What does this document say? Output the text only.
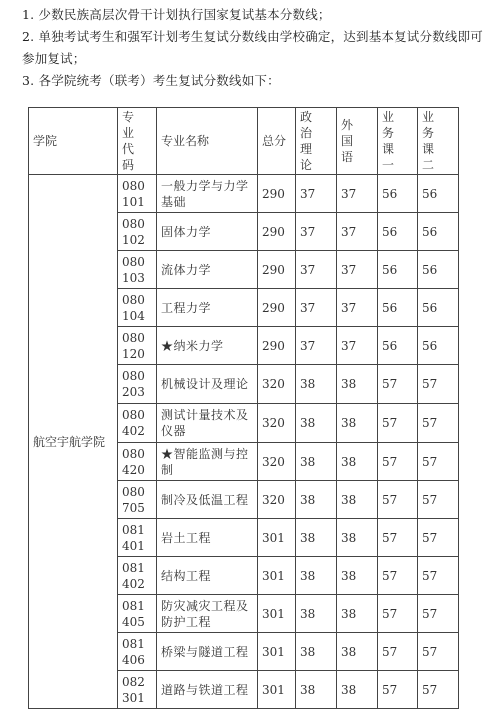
1. 少数民族高层次骨干计划执行国家复试基本分数线；

2. 单独考试考生和强军计划考生复试分数线由学校确定，达到基本复试分数线即可参加复试；

3. 各学院统考（联考）考生复试分数线如下：

学院	专业代码	专业名称	总分	政治理论	外国语	业务课一	业务课二
航空宇航学院	080101	一般力学与力学基础	290	37	37	56	56
	080102	固体力学	290	37	37	56	56
	080103	流体力学	290	37	37	56	56
	080104	工程力学	290	37	37	56	56
	080120	★纳米力学	290	37	37	56	56
	080203	机械设计及理论	320	38	38	57	57
	080402	测试计量技术及仪器	320	38	38	57	57
	080420	★智能监测与控制	320	38	38	57	57
	080705	制冷及低温工程	320	38	38	57	57
	081401	岩土工程	301	38	38	57	57
	081402	结构工程	301	38	38	57	57
	081405	防灾减灾工程及防护工程	301	38	38	57	57
	081406	桥梁与隧道工程	301	38	38	57	57
	082301	道路与铁道工程	301	38	38	57	57
